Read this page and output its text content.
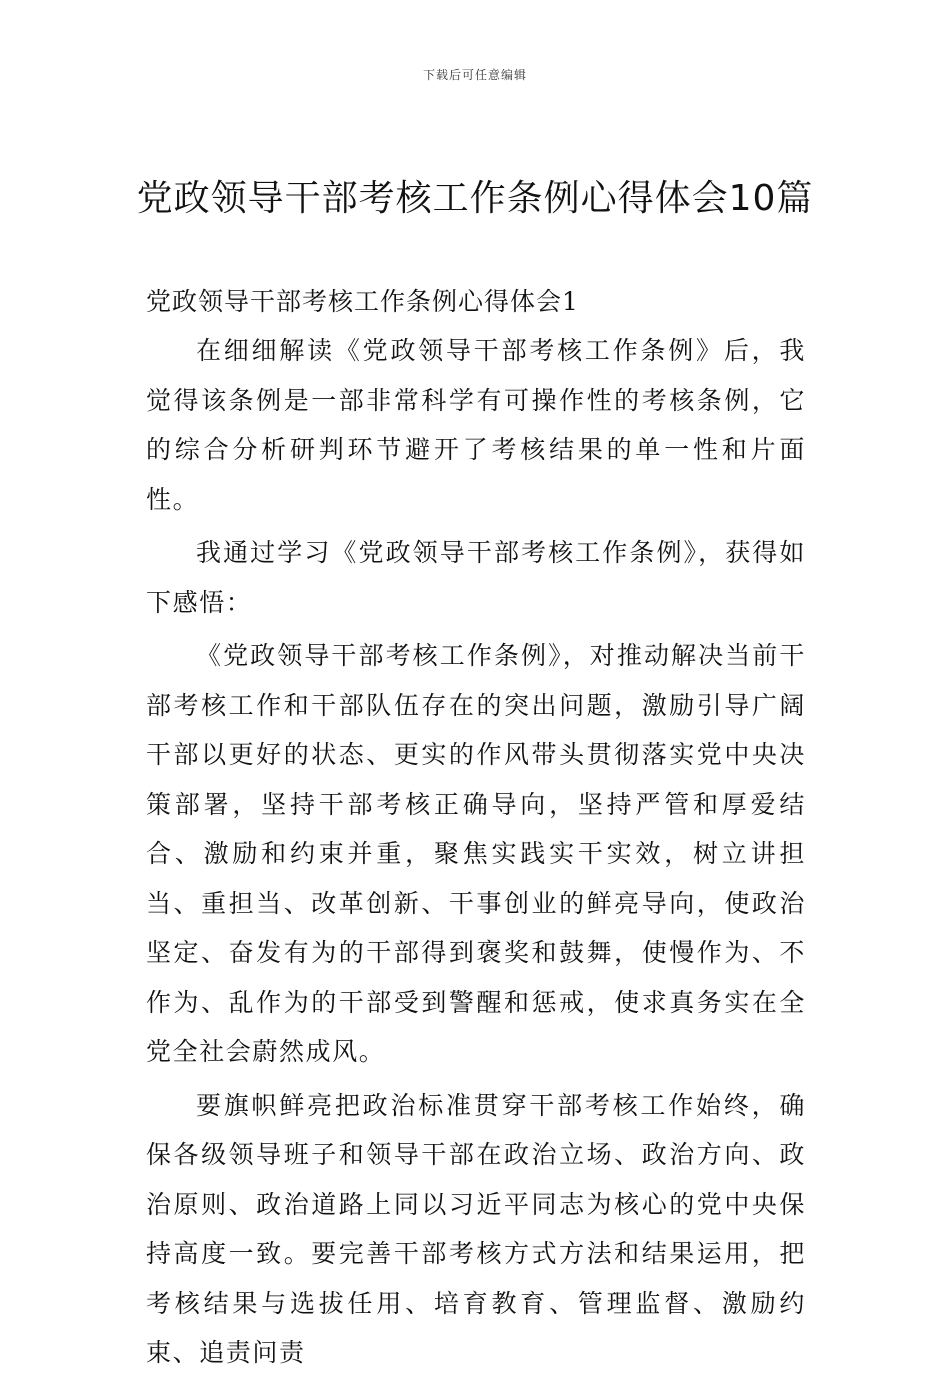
下载后可任意编辑
党政领导干部考核工作条例心得体会10篇
党政领导干部考核工作条例心得体会1

在细细解读《党政领导干部考核工作条例》后，我觉得该条例是一部非常科学有可操作性的考核条例，它的综合分析研判环节避开了考核结果的单一性和片面性。

我通过学习《党政领导干部考核工作条例》，获得如下感悟：

《党政领导干部考核工作条例》，对推动解决当前干部考核工作和干部队伍存在的突出问题，激励引导广阔干部以更好的状态、更实的作风带头贯彻落实党中央决策部署，坚持干部考核正确导向，坚持严管和厚爱结合、激励和约束并重，聚焦实践实干实效，树立讲担当、重担当、改革创新、干事创业的鲜亮导向，使政治坚定、奋发有为的干部得到褒奖和鼓舞，使慢作为、不作为、乱作为的干部受到警醒和惩戒，使求真务实在全党全社会蔚然成风。

要旗帜鲜亮把政治标准贯穿干部考核工作始终，确保各级领导班子和领导干部在政治立场、政治方向、政治原则、政治道路上同以习近平同志为核心的党中央保持高度一致。要完善干部考核方式方法和结果运用，把考核结果与选拔任用、培育教育、管理监督、激励约束、追责问责
